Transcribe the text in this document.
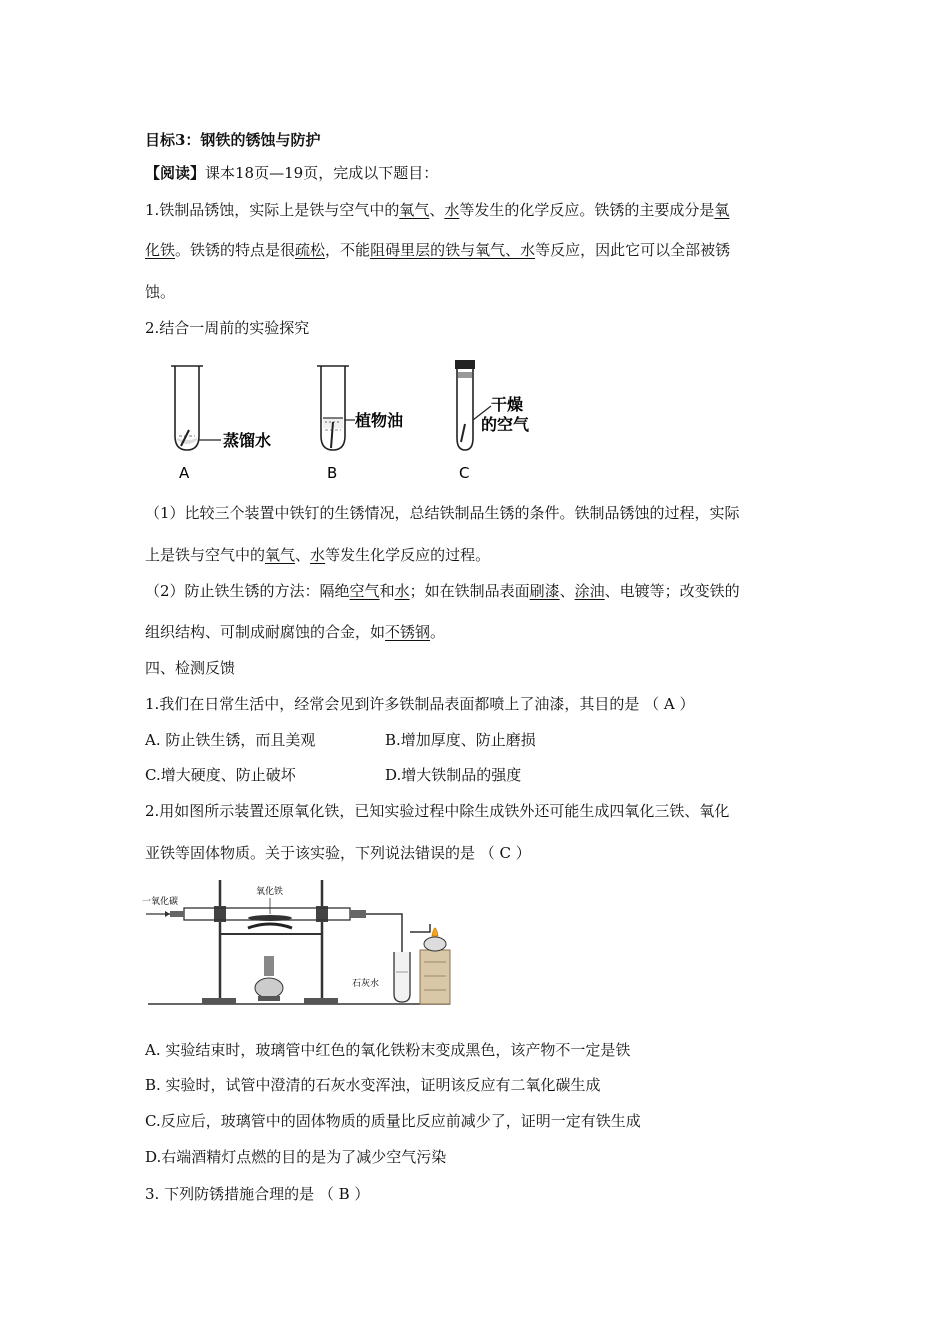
目标3：钢铁的锈蚀与防护
【阅读】课本18页—19页，完成以下题目：
1.铁制品锈蚀，实际上是铁与空气中的氧气、水等发生的化学反应。铁锈的主要成分是氧
化铁。铁锈的特点是很疏松，不能阻碍里层的铁与氧气、水等反应，因此它可以全部被锈
蚀。
2.结合一周前的实验探究
蒸馏水
A
植物油
B
干燥
的空气
C
（1）比较三个装置中铁钉的生锈情况，总结铁制品生锈的条件。铁制品锈蚀的过程，实际
上是铁与空气中的氧气、水等发生化学反应的过程。
（2）防止铁生锈的方法：隔绝空气和水；如在铁制品表面刷漆、涂油、电镀等；改变铁的
组织结构、可制成耐腐蚀的合金，如不锈钢。
四、检测反馈
1.我们在日常生活中，经常会见到许多铁制品表面都喷上了油漆，其目的是 （ A ）
A. 防止铁生锈，而且美观	B.增加厚度、防止磨损
C.增大硬度、防止破坏	D.增大铁制品的强度
2.用如图所示装置还原氧化铁，已知实验过程中除生成铁外还可能生成四氧化三铁、氧化
亚铁等固体物质。关于该实验，下列说法错误的是 （ C ）
一氧化碳
氧化铁
石灰水
A. 实验结束时，玻璃管中红色的氧化铁粉末变成黑色，该产物不一定是铁
B. 实验时，试管中澄清的石灰水变浑浊，证明该反应有二氧化碳生成
C.反应后，玻璃管中的固体物质的质量比反应前减少了，证明一定有铁生成
D.右端酒精灯点燃的目的是为了减少空气污染
3. 下列防锈措施合理的是 （ B ）
